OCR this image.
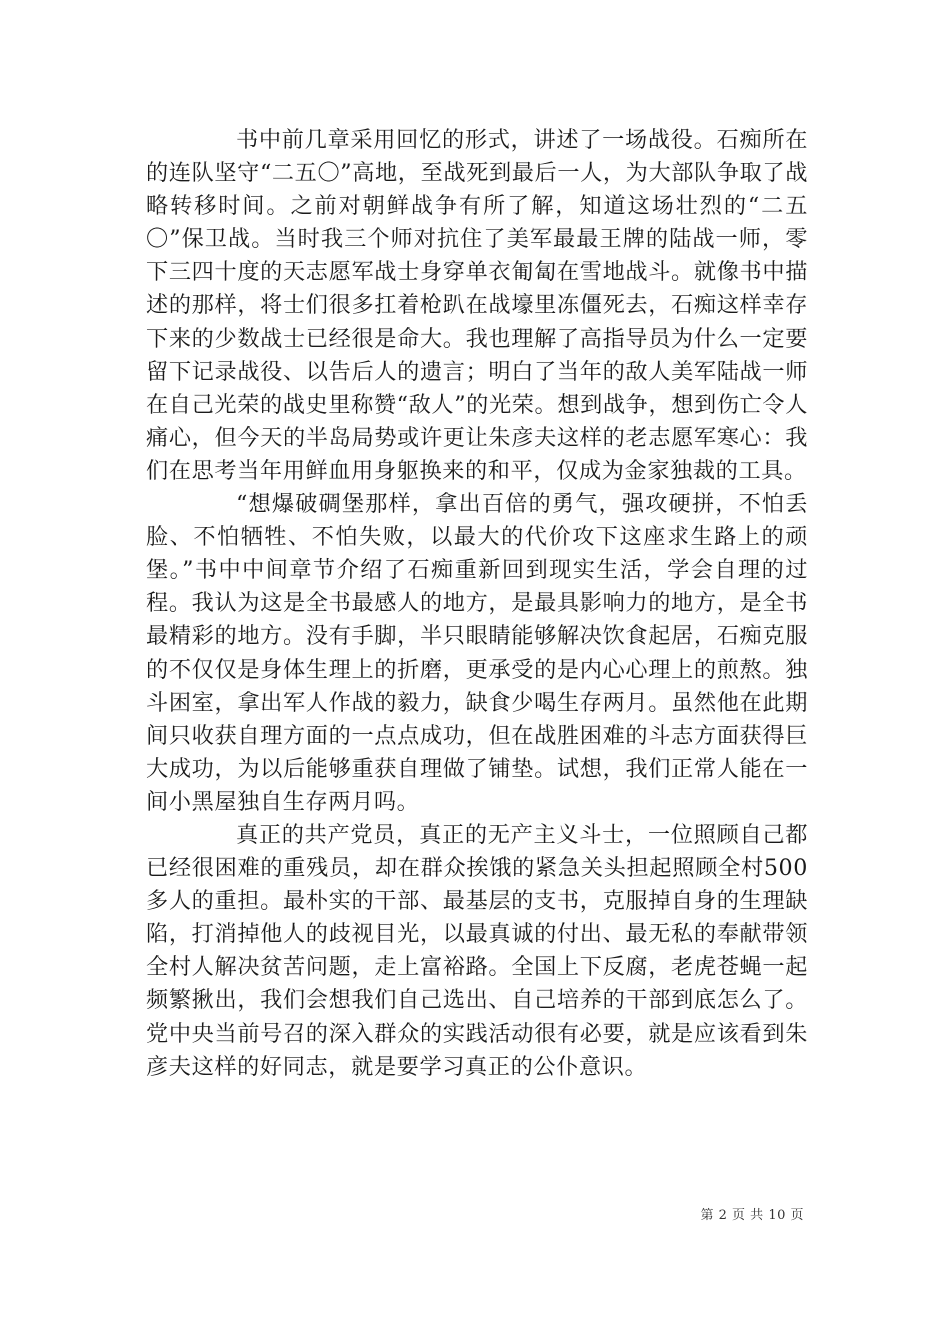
书中前几章采用回忆的形式，讲述了一场战役。石痴所在的连队坚守“二五〇”高地，至战死到最后一人，为大部队争取了战略转移时间。之前对朝鲜战争有所了解，知道这场壮烈的“二五〇”保卫战。当时我三个师对抗住了美军最最王牌的陆战一师，零下三四十度的天志愿军战士身穿单衣匍匐在雪地战斗。就像书中描述的那样，将士们很多扛着枪趴在战壕里冻僵死去，石痴这样幸存下来的少数战士已经很是命大。我也理解了高指导员为什么一定要留下记录战役、以告后人的遗言；明白了当年的敌人美军陆战一师在自己光荣的战史里称赞“敌人”的光荣。想到战争，想到伤亡令人痛心，但今天的半岛局势或许更让朱彦夫这样的老志愿军寒心：我们在思考当年用鲜血用身躯换来的和平，仅成为金家独裁的工具。

“想爆破碉堡那样，拿出百倍的勇气，强攻硬拼，不怕丢脸、不怕牺牲、不怕失败，以最大的代价攻下这座求生路上的顽堡。”书中中间章节介绍了石痴重新回到现实生活，学会自理的过程。我认为这是全书最感人的地方，是最具影响力的地方，是全书最精彩的地方。没有手脚，半只眼睛能够解决饮食起居，石痴克服的不仅仅是身体生理上的折磨，更承受的是内心心理上的煎熬。独斗困室，拿出军人作战的毅力，缺食少喝生存两月。虽然他在此期间只收获自理方面的一点点成功，但在战胜困难的斗志方面获得巨大成功，为以后能够重获自理做了铺垫。试想，我们正常人能在一间小黑屋独自生存两月吗。

真正的共产党员，真正的无产主义斗士，一位照顾自己都已经很困难的重残员，却在群众挨饿的紧急关头担起照顾全村500多人的重担。最朴实的干部、最基层的支书，克服掉自身的生理缺陷，打消掉他人的歧视目光，以最真诚的付出、最无私的奉献带领全村人解决贫苦问题，走上富裕路。全国上下反腐，老虎苍蝇一起频繁揪出，我们会想我们自己选出、自己培养的干部到底怎么了。党中央当前号召的深入群众的实践活动很有必要，就是应该看到朱彦夫这样的好同志，就是要学习真正的公仆意识。

第 2 页 共 10 页
